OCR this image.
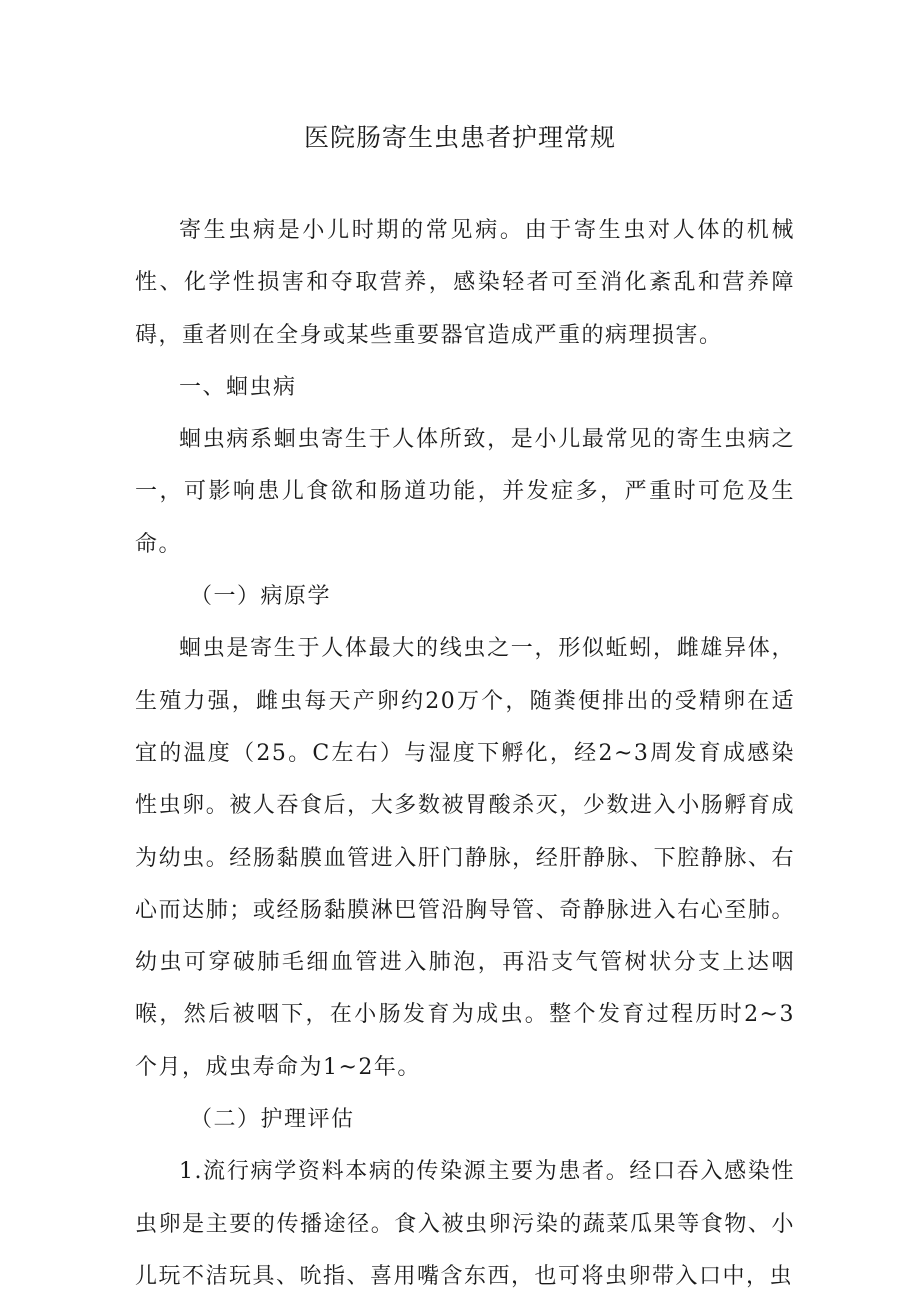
医院肠寄生虫患者护理常规

寄生虫病是小儿时期的常见病。由于寄生虫对人体的机械性、化学性损害和夺取营养，感染轻者可至消化紊乱和营养障碍，重者则在全身或某些重要器官造成严重的病理损害。

一、蛔虫病

蛔虫病系蛔虫寄生于人体所致，是小儿最常见的寄生虫病之一，可影响患儿食欲和肠道功能，并发症多，严重时可危及生命。

（一）病原学

蛔虫是寄生于人体最大的线虫之一，形似蚯蚓，雌雄异体，生殖力强，雌虫每天产卵约20万个，随粪便排出的受精卵在适宜的温度（25。C左右）与湿度下孵化，经2~3周发育成感染性虫卵。被人吞食后，大多数被胃酸杀灭，少数进入小肠孵育成为幼虫。经肠黏膜血管进入肝门静脉，经肝静脉、下腔静脉、右心而达肺；或经肠黏膜淋巴管沿胸导管、奇静脉进入右心至肺。幼虫可穿破肺毛细血管进入肺泡，再沿支气管树状分支上达咽喉，然后被咽下，在小肠发育为成虫。整个发育过程历时2~3个月，成虫寿命为1~2年。

（二）护理评估

1.流行病学资料本病的传染源主要为患者。经口吞入感染性虫卵是主要的传播途径。食入被虫卵污染的蔬菜瓜果等食物、小儿玩不洁玩具、吮指、喜用嘴含东西，也可将虫卵带入口中，虫
